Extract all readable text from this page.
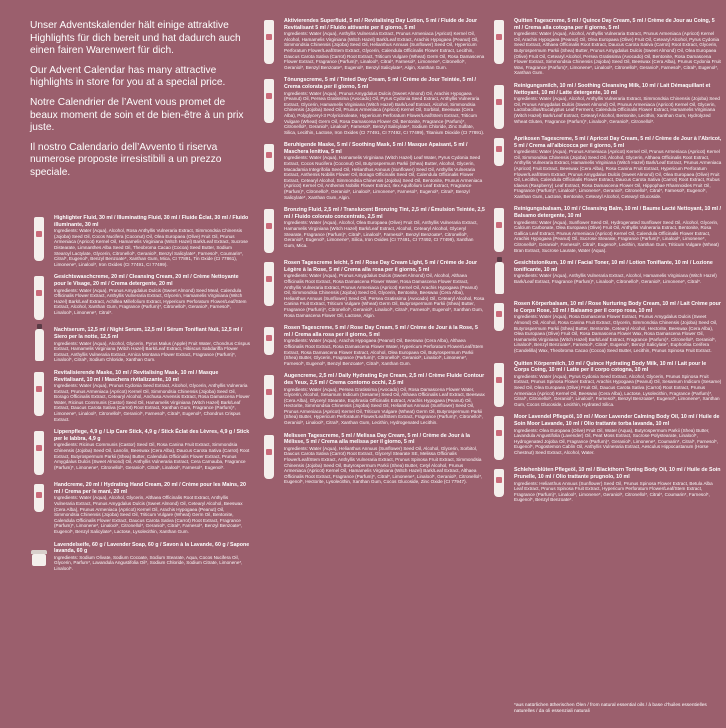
Unser Adventskalender hält einige attraktive Highlights für dich bereit und hat dadurch auch einen fairen Warenwert für dich.

Our Advent Calendar has many attractive highlights in store for you at a special price.

Notre Calendrier de l’Avent vous promet de beaux moment de soin et de bien-être à un prix juste.

Il nostro Calendario dell’Avvento ti riserva numerose proposte irresistibili a un prezzo speciale.

Highlighter Fluid, 30 ml / Illuminating Fluid, 30 ml / Fluide Éclat, 30 ml / Fluido illuminante, 30 ml
Ingredients: Water (Aqua), Alcohol, Rosa Anthyllis Vulneraria Extract, Simmondsia Chinensis (Jojoba) Seed Oil, Cocos Nucifera (Coconut) Oil, Olea Europaea (Olive) Fruit Oil, Prunus Armeniaca (Apricot) Kernel Oil, Hamamelis Virginiana (Witch Hazel) Bark/Leaf Extract, Sucrose Distearate, Limnanthes Alba Seed Oil, Theobroma Cacao (Cocoa) Seed Butter, Sodium Stearoyl Lactylate, Glycerin, Citronellol*, Geraniol*, Benzyl Salicylate*, Farnesol*, Coumarin*, Citral*, Eugenol*, Benzyl Benzoate*, Xanthan Gum, Mica, CI 77891, Tin Oxide (CI 77861), Limonene*, Linalool*, Iron Oxides (CI 77491, CI 77499).
Gesichtswaschcreme, 20 ml / Cleansing Cream, 20 ml / Crème Nettoyante pour le Visage, 20 ml / Crema detergente, 20 ml
Ingredients: Water (Aqua), Prunus Amygdalus Dulcis (Sweet Almond) Seed Meal, Calendula Officinalis Flower Extract, Anthyllis Vulneraria Extract, Glycerin, Hamamelis Virginiana (Witch Hazel) Bark/Leaf Extract, Achillea Millefolium Extract, Hypericum Perforatum Flower/Leaf/Stem Extract, Alcohol, Xanthan Gum, Fragrance (Parfum)*, Citronellol*, Geraniol*, Farnesol*, Linalool*, Limonene*, Citral*.
Nachtserum, 12,5 ml / Night Serum, 12,5 ml / Sérum Tonifiant Nuit, 12,5 ml / Siero per la notte, 12,5 ml
Ingredients: Water (Aqua), Alcohol, Glycerin, Pyrus Malus (Apple) Fruit Water, Chondrus Crispus Extract, Hamamelis Virginiana (Witch Hazel) Bark/Leaf Extract, Hibiscus Sabdariffa Flower Extract, Anthyllis Vulneraria Extract, Arnica Montana Flower Extract, Fragrance (Parfum)*, Linalool*, Citral*, Sodium Chloride, Xanthan Gum.
Revitalisierende Maske, 10 ml / Revitalising Mask, 10 ml / Masque Revitalisant, 10 ml / Maschera rivitalizzante, 10 ml
Ingredients: Water (Aqua), Prunus Cydonia Seed Extract, Alcohol, Glycerin, Anthyllis Vulneraria Extract, Prunus Armeniaca (Apricot) Kernel Oil, Simmondsia Chinensis (Jojoba) Seed Oil, Borago Officinalis Extract, Cetearyl Alcohol, Anchusa Arvensis Extract, Rosa Damascena Flower Water, Ricinus Communis (Castor) Seed Oil, Hamamelis Virginiana (Witch Hazel) Bark/Leaf Extract, Daucus Carota Sativa (Carrot) Root Extract, Xanthan Gum, Fragrance (Parfum)*, Limonene*, Linalool*, Citronellol*, Geraniol*, Farnesol*, Citral*, Eugenol*, Chondrus Crispus Extract.
Lippenpflege, 4,9 g / Lip Care Stick, 4,9 g / Stick Éclat des Lèvres, 4,9 g / Stick per le labbra, 4,9 g
Ingredients: Ricinus Communis (Castor) Seed Oil, Rosa Canina Fruit Extract, Simmondsia Chinensis (Jojoba) Seed Oil, Lanolin, Beeswax (Cera Alba), Daucus Carota Sativa (Carrot) Root Extract, Butyrospermum Parkii (Shea) Butter, Calendula Officinalis Flower Extract, Prunus Amygdalus Dulcis (Sweet Almond) Oil, Anthyllis Vulneraria Extract, Cera Carnauba, Fragrance (Parfum)*, Limonene*, Citronellol*, Geraniol*, Citral*, Linalool*, Farnesol*, Eugenol*.
Handcreme, 20 ml / Hydrating Hand Cream, 20 ml / Crème pour les Mains, 20 ml / Crema per le mani, 20 ml
Ingredients: Water (Aqua), Alcohol, Glycerin, Althaea Officinalis Root Extract, Anthyllis Vulneraria Extract, Prunus Amygdalus Dulcis (Sweet Almond) Oil, Cetearyl Alcohol, Beeswax (Cera Alba), Prunus Armeniaca (Apricot) Kernel Oil, Arachis Hypogaea (Peanut) Oil, Simmondsia Chinensis (Jojoba) Seed Oil, Triticum Vulgare (Wheat) Germ Oil, Bentonite, Calendula Officinalis Flower Extract, Daucus Carota Sativa (Carrot) Root Extract, Fragrance (Parfum)*, Limonene*, Linalool*, Citronellol*, Geraniol*, Citral*, Farnesol*, Benzyl Benzoate*, Eugenol*, Benzyl Salicylate*, Lactose, Lysolecithin, Xanthan Gum.
Lavendelseife, 60 g / Lavender Soap, 60 g / Savon à la Lavande, 60 g / Sapone lavanda, 60 g
Ingredients: Sodium Olivate, Sodium Cocoate, Sodium Stearate, Aqua, Cocos Nucifera Oil, Glycerin, Parfum*, Lavandula Angustifolia Oil*, Sodium Chloride, Sodium Citrate, Limonene*, Linalool*.
Aktivierendes Superfluid, 5 ml / Revitalising Day Lotion, 5 ml / Fluide de Jour Revitalisant 5 ml / Fluido attivante per il giorno, 5 ml
Ingredients: Water (Aqua), Anthyllis Vulneraria Extract, Prunus Armeniaca (Apricot) Kernel Oil, Alcohol, Hamamelis Virginiana (Witch Hazel) Bark/Leaf Extract, Arachis Hypogaea (Peanut) Oil, Simmondsia Chinensis (Jojoba) Seed Oil, Helianthus Annuus (Sunflower) Seed Oil, Hypericum Perforatum Flower/Leaf/Stem Extract, Glycerin, Calendula Officinalis Flower Extract, Lecithin, Daucus Carota Sativa (Carrot) Root Extract, Triticum Vulgare (Wheat) Germ Oil, Rosa Damascena Flower Extract, Fragrance (Parfum)*, Linalool*, Citral*, Farnesol*, Limonene*, Citronellol*, Geraniol*, Benzyl Benzoate*, Eugenol*, Benzyl Salicylate*, Algin, Xanthan Gum.
Tönungscreme, 5 ml / Tinted Day Cream, 5 ml / Crème de Jour Teintée, 5 ml / Crema colorata per il giorno, 5 ml
Ingredients: Water (Aqua), Prunus Amygdalus Dulcis (Sweet Almond) Oil, Arachis Hypogaea (Peanut) Oil, Persea Gratissima (Avocado) Oil, Pyrus Cydonia Seed Extract, Anthyllis Vulneraria Extract, Glycerin, Hamamelis Virginiana (Witch Hazel) Bark/Leaf Extract, Alcohol, Simmondsia Chinensis (Jojoba) Seed Oil, Prunus Armeniaca (Apricot) Kernel Oil, Sorbitol, Beeswax (Cera Alba), Polyglyceryl-3 Polyricinoleate, Hypericum Perforatum Flower/Leaf/Stem Extract, Triticum Vulgare (Wheat) Germ Oil, Rosa Damascena Flower Oil, Bentonite, Fragrance (Parfum)*, Citronellol*, Geraniol*, Linalool*, Farnesol*, Benzyl Salicylate*, Sodium Chloride, Zinc Sulfate, Silica, Lecithin, Lactose, Iron Oxides (CI 77491, CI 77492, CI 77499), Titanium Dioxide (CI 77891).
Beruhigende Maske, 5 ml / Soothing Mask, 5 ml / Masque Apaisant, 5 ml / Maschera lenitiva, 5 ml
Ingredients: Water (Aqua), Hamamelis Virginiana (Witch Hazel) Leaf Water, Pyrus Cydonia Seed Extract, Cocos Nucifera (Coconut) Oil, Butyrospermum Parkii (Shea) Butter, Alcohol, Glycerin, Macadamia Integrifolia Seed Oil, Helianthus Annuus (Sunflower) Seed Oil, Anthyllis Vulneraria Extract, Anthemis Nobilis Flower Oil, Borago Officinalis Seed Oil, Calendula Officinalis Flower Extract, Cetearyl Alcohol, Simmondsia Chinensis (Jojoba) Seed Oil, Bentonite, Prunus Armeniaca (Apricot) Kernel Oil, Anthemis Nobilis Flower Extract, Ilex Aquifolium Leaf Extract, Fragrance (Parfum)*, Citronellol*, Geraniol*, Linalool*, Limonene*, Farnesol*, Eugenol*, Citral*, Benzyl Salicylate*, Xanthan Gum, Algin.
Bronzing Fluid, 2,5 ml / Translucent Bronzing Tint, 2,5 ml / Émulsion Teintée, 2,5 ml / Fluido colorato concentrato, 2,5 ml
Ingredients: Water (Aqua), Alcohol, Olea Europaea (Olive) Fruit Oil, Anthyllis Vulneraria Extract, Hamamelis Virginiana (Witch Hazel) Bark/Leaf Extract, Alcohol, Cetearyl Alcohol, Glyceryl Stearate, Fragrance (Parfum)*, Citral*, Linalool*, Farnesol*, Benzyl Benzoate*, Citronellol*, Geraniol*, Eugenol*, Limonene*, Silica, Iron Oxides (CI 77491, CI 77492, CI 77499), Xanthan Gum, Mica.
Rosen Tagescreme leicht, 5 ml / Rose Day Cream Light, 5 ml / Crème de Jour Légère à la Rose, 5 ml / Crema alla rosa per il giorno, 5 ml
Ingredients: Water (Aqua), Prunus Amygdalus Dulcis (Sweet Almond) Oil, Alcohol, Althaea Officinalis Root Extract, Rosa Damascena Flower Water, Rosa Damascena Flower Extract, Anthyllis Vulneraria Extract, Prunus Armeniaca (Apricot) Kernel Oil, Arachis Hypogaea (Peanut) Oil, Simmondsia Chinensis (Jojoba) Seed Oil, Glycerin, Bentonite, Beeswax (Cera Alba), Helianthus Annuus (Sunflower) Seed Oil, Persea Gratissima (Avocado) Oil, Cetearyl Alcohol, Rosa Canina Fruit Extract, Triticum Vulgare (Wheat) Germ Oil, Butyrospermum Parkii (Shea) Butter, Fragrance (Parfum)*, Citronellol*, Geraniol*, Linalool*, Citral*, Farnesol*, Eugenol*, Xanthan Gum, Rosa Damascena Flower Oil, Lactose, Algin.
Rosen Tagescreme, 5 ml / Rose Day Cream, 5 ml / Crème de Jour à la Rose, 5 ml / Crema alla rosa per il giorno, 5 ml
Ingredients: Water (Aqua), Arachis Hypogaea (Peanut) Oil, Beeswax (Cera Alba), Althaea Officinalis Root Extract, Rosa Damascena Flower Water, Hypericum Perforatum Flower/Leaf/Stem Extract, Rosa Damascena Flower Extract, Alcohol, Olea Europaea Oil, Butyrospermum Parkii (Shea) Butter, Glycerin, Fragrance (Parfum)*, Citronellol*, Geraniol*, Linalool*, Limonene*, Farnesol*, Eugenol*, Benzyl Benzoate*, Citral*, Xanthan Gum.
Augencreme, 2,5 ml / Daily Hydrating Eye Cream, 2,5 ml / Crème Fluide Contour des Yeux, 2,5 ml / Crema contorno occhi, 2,5 ml
Ingredients: Water (Aqua), Persea Gratissima (Avocado) Oil, Rosa Damascena Flower Water, Glycerin, Alcohol, Sesamum Indicum (Sesame) Seed Oil, Althaea Officinalis Leaf Extract, Beeswax (Cera Alba), Glyceryl Stearate, Euphrasia Officinalis Extract, Arachis Hypogaea (Peanut) Oil, Hectorite, Simmondsia Chinensis (Jojoba) Seed Oil, Helianthus Annuus (Sunflower) Seed Oil, Prunus Armeniaca (Apricot) Kernel Oil, Triticum Vulgare (Wheat) Germ Oil, Butyrospermum Parkii (Shea) Butter, Hypericum Perforatum Flower/Leaf/Stem Extract, Fragrance (Parfum)*, Citronellol*, Geraniol*, Linalool*, Citral*, Xanthan Gum, Lecithin, Hydrogenated Lecithin.
Melissen Tagescreme, 5 ml / Melissa Day Cream, 5 ml / Crème de Jour à la Mélisse, 5 ml / Crema alla melissa per il giorno, 5 ml
Ingredients: Water (Aqua), Helianthus Annuus (Sunflower) Seed Oil, Alcohol, Glycerin, Sorbitol, Daucus Carota Sativa (Carrot) Root Extract, Glyceryl Stearate SE, Melissa Officinalis Flower/Leaf/Stem Extract, Anthyllis Vulneraria Extract, Prunus Spinosa Fruit Extract, Simmondsia Chinensis (Jojoba) Seed Oil, Butyrospermum Parkii (Shea) Butter, Cetyl Alcohol, Prunus Armeniaca (Apricot) Kernel Oil, Hamamelis Virginiana (Witch Hazel) Bark/Leaf Extract, Althaea Officinalis Root Extract, Fragrance (Parfum)*, Citral*, Limonene*, Linalool*, Geraniol*, Citronellol*, Eugenol*, Hectorite, Lysolecithin, Xanthan Gum, Cocos Glucoside, Zinc Oxide (CI 77947).
Quitten Tagescreme, 5 ml / Quince Day Cream, 5 ml / Crème de Jour au Coing, 5 ml / Crema alla cotogna per il giorno, 5 ml
Ingredients: Water (Aqua), Alcohol, Anthyllis Vulneraria Extract, Prunus Armeniaca (Apricot) Kernel Oil, Arachis Hypogaea (Peanut) Oil, Olea Europaea (Olive) Fruit Oil, Cetearyl Alcohol, Pyrus Cydonia Seed Extract, Althaea Officinalis Root Extract, Daucus Carota Sativa (Carrot) Root Extract, Glycerin, Butyrospermum Parkii (Shea) Butter, Prunus Amygdalus Dulcis (Sweet Almond) Oil, Olea Europaea (Olive) Fruit Oil, Cetearyl Alcohol, Persea Gratissima (Avocado) Oil, Bentonite, Rosa Damascena Flower Extract, Simmondsia Chinensis (Jojoba) Seed Oil, Beeswax (Cera Alba), Prunus Cydonia Fruit Wax, Fragrance (Parfum)*, Limonene*, Linalool*, Citronellol*, Geraniol*, Farnesol*, Citral*, Eugenol*, Xanthan Gum.
Reinigungsmilch, 10 ml / Soothing Cleansing Milk, 10 ml / Lait Démaquillant et Nettoyant, 10 ml / Latte detergente, 10 ml
Ingredients: Water (Aqua), Alcohol, Anthyllis Vulneraria Extract, Simmondsia Chinensis (Jojoba) Seed Oil, Prunus Amygdalus Dulcis (Sweet Almond) Oil, Prunus Armeniaca (Apricot) Kernel Oil, Glycerin, Lactobacillus/Eucalyptus Leaf Ferment, Calendula Officinalis Flower Extract, Hamamelis Virginiana (Witch Hazel) Bark/Leaf Extract, Cetearyl Alcohol, Bentonite, Lecithin, Xanthan Gum, Hydrolyzed Wheat Gluten, Fragrance (Parfum)*, Linalool*, Geraniol*, Citronellol*.
Aprikosen Tagescreme, 5 ml / Apricot Day Cream, 5 ml / Crème de Jour à l’Abricot, 5 ml / Crema all’albicocca per il giorno, 5 ml
Ingredients: Water (Aqua), Prunus Armeniaca (Apricot) Kernel Oil, Prunus Armeniaca (Apricot) Kernel Oil, Simmondsia Chinensis (Jojoba) Seed Oil, Alcohol, Glycerin, Althaea Officinalis Root Extract, Anthyllis Vulneraria Extract, Hamamelis Virginiana (Witch Hazel) Bark/Leaf Extract, Prunus Armeniaca (Apricot) Fruit Extract, Beeswax (Cera Alba), Rosa Canina Fruit Extract, Hypericum Perforatum Flower/Leaf/Stem Extract, Prunus Amygdalus Dulcis (Sweet Almond) Oil, Olea Europaea (Olive) Fruit Oil, Lecithin, Calendula Officinalis Flower Extract, Daucus Carota Sativa (Carrot) Root Extract, Rubus Idaeus (Raspberry) Leaf Extract, Rosa Damascena Flower Oil, Hippophae Rhamnoides Fruit Oil, Fragrance (Parfum)*, Linalool*, Limonene*, Geraniol*, Citronellol*, Citral*, Farnesol*, Eugenol*, Xanthan Gum, Lactose, Bentonite, Cetearyl Alcohol, Cetearyl Glucoside.
Reinigungsbalsam, 10 ml / Cleansing Balm, 10 ml / Baume Lacté Nettoyant, 10 ml / Balsamo detergente, 10 ml
Ingredients: Water (Aqua), Sunflower Seed Oil, Hydrogenated Sunflower Seed Oil, Alcohol, Glycerin, Calcium Carbonate, Olea Europaea (Olive) Fruit Oil, Anthyllis Vulneraria Extract, Bentonite, Rosa Gallica Leaf Extract, Prunus Armeniaca (Apricot) Kernel Oil, Calendula Officinalis Flower Extract, Arachis Hypogaea (Peanut) Oil, Sucrose Stearate, Fragrance (Parfum)*, Linalool*, Limonene*, Citronellol*, Geraniol*, Farnesol*, Citral*, Eugenol*, Lecithin, Xanthan Gum, Triticum Vulgare (Wheat) Bran Extract, Sucrose Laurate, Water (Aqua).
Gesichtstonikum, 10 ml / Facial Toner, 10 ml / Lotion Tonifiante, 10 ml / Lozione tonificante, 10 ml
Ingredients: Water (Aqua), Anthyllis Vulneraria Extract, Alcohol, Hamamelis Virginiana (Witch Hazel) Bark/Leaf Extract, Fragrance (Parfum)*, Linalool*, Citronellol*, Geraniol*, Limonene*, Citral*.
Rosen Körperbalsam, 10 ml / Rose Nurturing Body Cream, 10 ml / Lait Crème pour le Corps Rose, 10 ml / Balsamo per il corpo rosa, 10 ml
Ingredients: Water (Aqua), Rosa Damascena Flower Extract, Prunus Amygdalus Dulcis (Sweet Almond) Oil, Alcohol, Rosa Canina Fruit Extract, Glycerin, Simmondsia Chinensis (Jojoba) Seed Oil, Butyrospermum Parkii (Shea) Butter, Bentonite, Cetearyl Alcohol, Hectorite, Beeswax (Cera Alba), Olea Europaea (Olive) Fruit Oil, Rosa Damascena Flower Wax, Rosa Damascena Flower Oil, Hamamelis Virginiana (Witch Hazel) Bark/Leaf Extract, Fragrance (Parfum)*, Citronellol*, Geraniol*, Linalool*, Benzyl Benzoate*, Farnesol*, Citral*, Eugenol*, Benzyl Salicylate*, Euphorbia Cerifera (Candelilla) Wax, Theobroma Cacao (Cocoa) Seed Butter, Lecithin, Prunus Spinosa Fruit Extract.
Quitten Körpermilch, 10 ml / Quince Hydrating Body Milk, 10 ml / Lait pour le Corps Coing, 10 ml / Latte per il corpo cotogna, 10 ml
Ingredients: Water (Aqua), Pyrus Cydonia Seed Extract, Alcohol, Glycerin, Prunus Spinosa Fruit Extract, Prunus Spinosa Flower Extract, Arachis Hypogaea (Peanut) Oil, Sesamum Indicum (Sesame) Seed Oil, Olea Europaea (Olive) Fruit Oil, Daucus Carota Sativa (Carrot) Root Extract, Prunus Armeniaca (Apricot) Kernel Oil, Beeswax (Cera Alba), Lactose, Lysolecithin, Fragrance (Parfum)*, Citral*, Citronellol*, Geraniol*, Linalool*, Farnesol*, Benzyl Benzoate*, Eugenol*, Limonene*, Xanthan Gum, Cocos Glucoside, Lecithin, Hydrated Silica.
Moor Lavendel Pflegeöl, 10 ml / Moor Lavender Calming Body Oil, 10 ml / Huile de Soin Moor Lavande, 10 ml / Olio trattante torba lavanda, 10 ml
Ingredients: Olea Europaea (Olive) Fruit Oil, Water (Aqua), Butyrospermum Parkii (Shea) Butter, Lavandula Angustifolia (Lavender) Oil, Peat Moss Extract, Sucrose Polystearate, Linalool*, Hydrogenated Jojoba Oil, Fragrance (Parfum)*, Geraniol*, Limonene*, Coumarin*, Citral*, Farnesol*, Eugenol*, Pogostemon Cablin Oil, Anthyllis Vulneraria Extract, Aesculus Hippocastanum (Horse Chestnut) Seed Extract, Alcohol, Water.
Schlehenblüten Pflegeöl, 10 ml / Blackthorn Toning Body Oil, 10 ml / Huile de Soin Prunelle, 10 ml / Olio trattante prugnolo, 10 ml
Ingredients: Helianthus Annuus (Sunflower) Seed Oil, Prunus Spinosa Flower Extract, Betula Alba Leaf Extract, Prunus Spinosa Fruit Extract, Hypericum Perforatum Flower/Leaf/Stem Extract, Fragrance (Parfum)*, Linalool*, Limonene*, Geraniol*, Citronellol*, Citral*, Coumarin*, Farnesol*, Eugenol*, Benzyl Benzoate*.
*aus natürlichen ätherischen Ölen / from natural essential oils / à base d’huiles essentielles naturelles / da oli essenziali naturali
